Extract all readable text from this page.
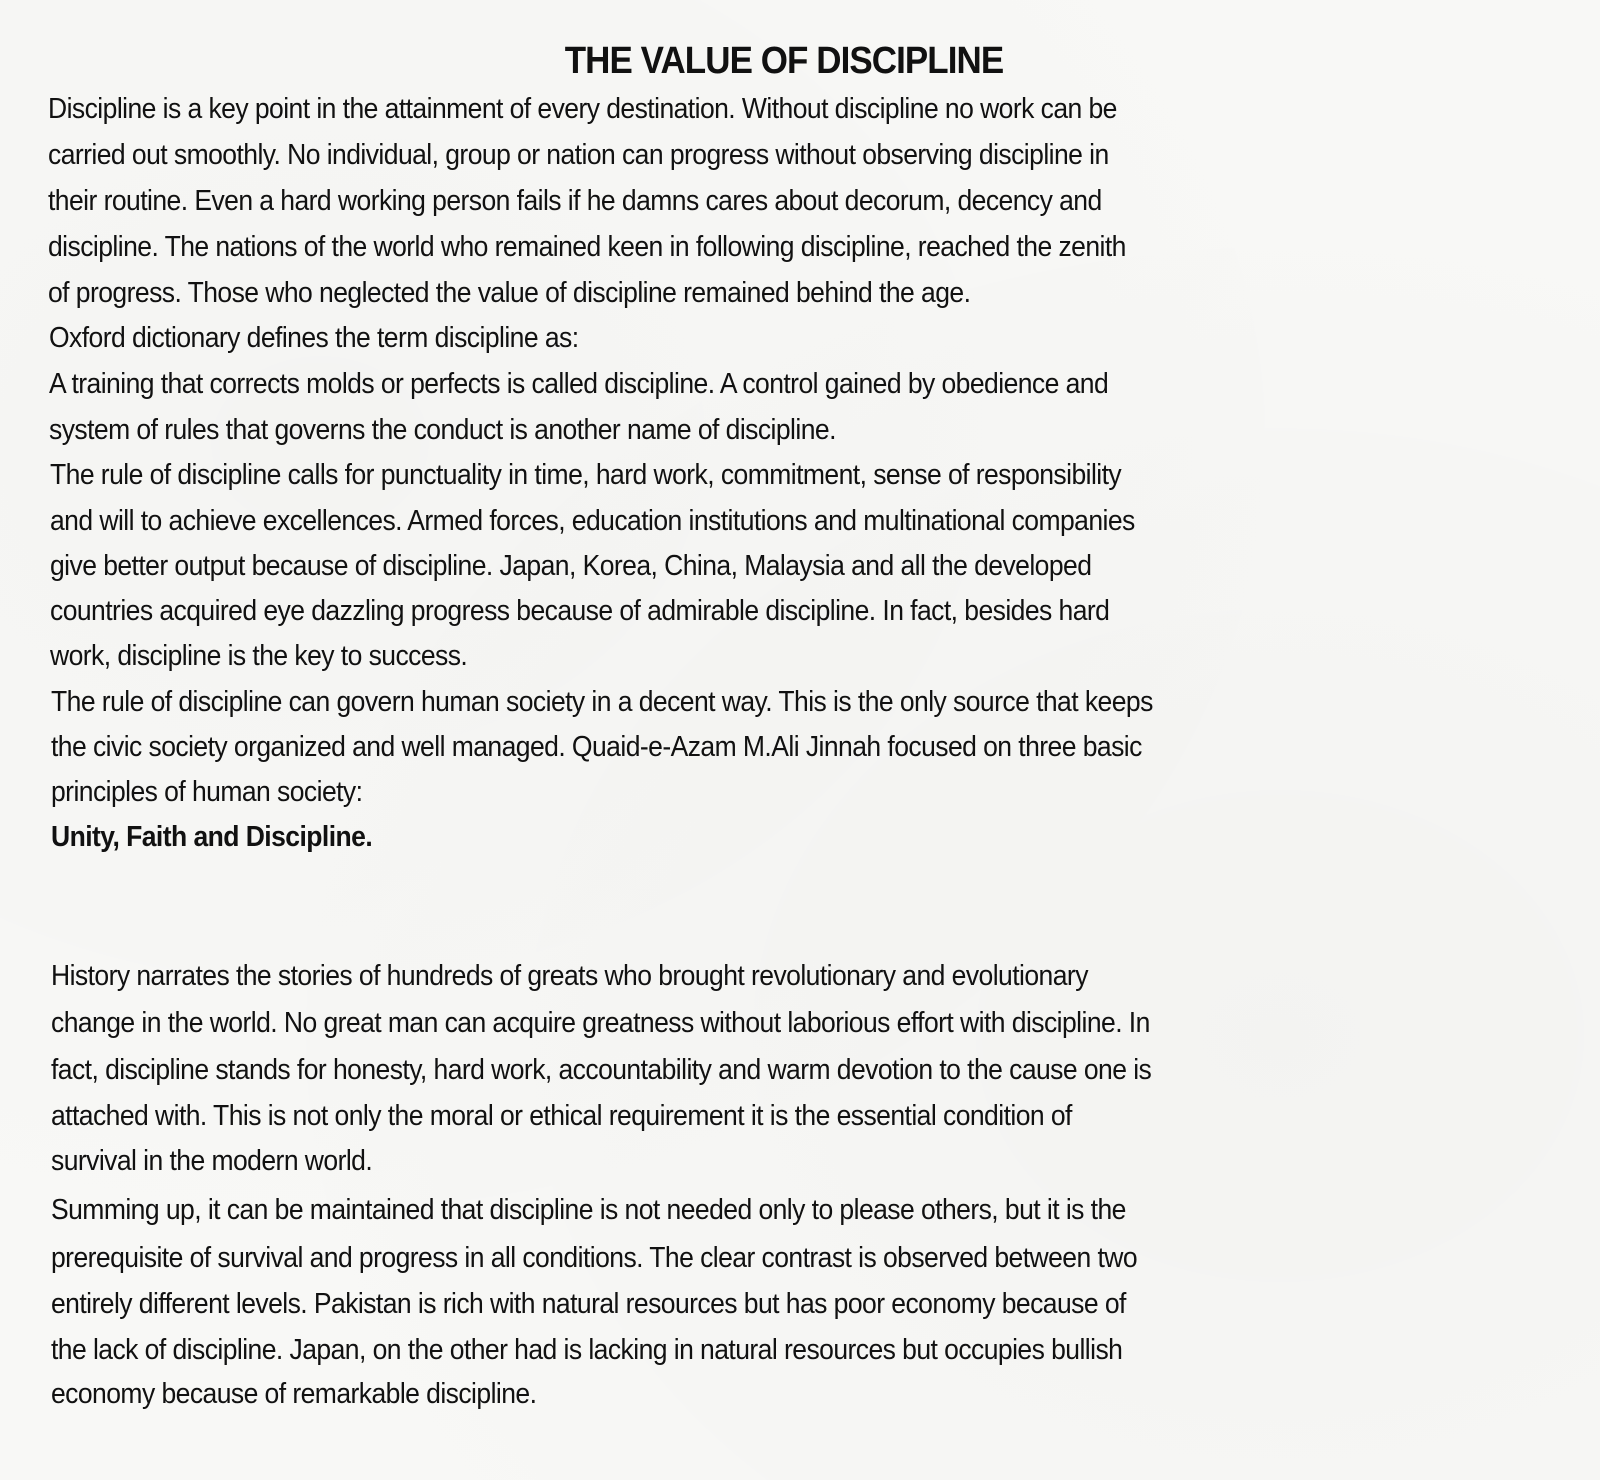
THE VALUE OF DISCIPLINE
Discipline is a key point in the attainment of every destination. Without discipline no work can be
carried out smoothly. No individual, group or nation can progress without observing discipline in
their routine. Even a hard working person fails if he damns cares about decorum, decency and
discipline. The nations of the world who remained keen in following discipline, reached the zenith
of progress. Those who neglected the value of discipline remained behind the age.
Oxford dictionary defines the term discipline as:
A training that corrects molds or perfects is called discipline. A control gained by obedience and
system of rules that governs the conduct is another name of discipline.
The rule of discipline calls for punctuality in time, hard work, commitment, sense of responsibility
and will to achieve excellences. Armed forces, education institutions and multinational companies
give better output because of discipline. Japan, Korea, China, Malaysia and all the developed
countries acquired eye dazzling progress because of admirable discipline. In fact, besides hard
work, discipline is the key to success.
The rule of discipline can govern human society in a decent way. This is the only source that keeps
the civic society organized and well managed. Quaid-e-Azam M.Ali Jinnah focused on three basic
principles of human society:
Unity, Faith and Discipline.
History narrates the stories of hundreds of greats who brought revolutionary and evolutionary
change in the world. No great man can acquire greatness without laborious effort with discipline. In
fact, discipline stands for honesty, hard work, accountability and warm devotion to the cause one is
attached with. This is not only the moral or ethical requirement it is the essential condition of
survival in the modern world.
Summing up, it can be maintained that discipline is not needed only to please others, but it is the
prerequisite of survival and progress in all conditions. The clear contrast is observed between two
entirely different levels. Pakistan is rich with natural resources but has poor economy because of
the lack of discipline. Japan, on the other had is lacking in natural resources but occupies bullish
economy because of remarkable discipline.
